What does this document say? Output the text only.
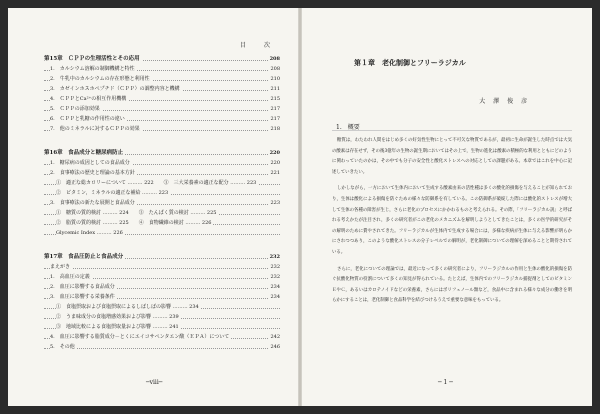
目　　次
第15章　ＣＰＰの生理活性とその応用	208
1.　カルシウム溶解の制御機構と特性	208
2.　牛乳中のカルシウムの存在形態と利用性	210
3.　カゼインホスホペプチド（ＣＰＰ）の調整内容と機構	211
4.　ＣＰＰとCa²⁺の相互作用機構	215
5.　ＣＰＰの添加効果	217
6.　ＣＰＰと乳糖の作用性の違い	217
7.　他のミネラルに対するＣＰＰの効果	218
第16章　食品成分と糖尿病防止	220
1.　糖尿病の成因としての食品成分	220
2.　食事療法の歴史と理論の基本方針	221
①　適正な総カロリーについて ……… 222　　③　三大栄養素の適正な配分 ……… 223
②　ビタミン，ミネラルの適正な補給 ……… 223
3.　食事療法の新たな展開と食品成分	223
①　糖質の質的検討 ……… 224　　③　たんぱく質の検討 ……… 225
②　脂質の質的検討 ……… 225　　④　食物繊維の検討 ……… 226
Glycemic Index ……… 226
第17章　食品圧防止と食品成分	232
まえがき	232
1.　高血圧の定義	232
2.　血圧に影響する食品成分	234
3.　血圧に影響する栄養条件	234
①　食塩摂取および食塩摂取によるしばしばの影響 ……… 234
②　うま味成分の食塩増感効果および影響 ……… 239
③　地域比較による食塩摂取量および影響 ……… 241
4.　血圧に影響する脂質成分－とくにエイコサペンタエン酸（ＥＰＡ）について	242
5.　その他	246
─viii─
第１章　老化制御とフリーラジカル
大 澤 俊 彦
1.　概要

糖質は，わたわれ人間をはじめ多くの好気性生物にとって不可欠な物質であるが，最初に生命が誕生した時点では大気の酸素は存在せず，その後3億年の生物の誕生期においてはその上で，生物の進化は酸素の積極的な利用とともにどのように関わっていたのかは，その中でも分子の安全性と酸化ストレスへの対応としての課題がある。本章ではこれを中心に記述していきたい。

しかしながら，一方において生体内において生成する酸素由来の活性種は多くの酸化的損傷を与えることが知られており，生体は酸化による損傷を防ぐための様々な防御系を有している。この防御系が破綻した際には酸化的ストレスが増大して生体の各種の障害が生じ，さらに老化のプロセスにかかわるものと考えられる。その際，「フリーラジカル説」と呼ばれる考えかたが注目され，多くの研究者がこの老化のメカニズムを解明しようとしてきたことは，多くの医学的研究がその解明のために費やされてきた。フリーラジカルが生体内で生成する場合には，多様な疾病が生体に与える影響が明らかにされつつあり，このような酸化ストレスの分子レベルでの解明が，老化制御についての理解を深めることと期待されている。

さらに，老化についての理論では，最近になって多くの研究者により，フリーラジカルの作用と生体の酸化的損傷を防ぐ抗酸化物質の役割について多くの知見が得られている。たとえば，生体内でのフリーラジカル捕捉剤としてのビタミンＥやＣ，あるいはカロテノイドなどの栄養素，さらにはポリフェノール類など，食品中に含まれる様々な成分の働きを明らかにすることは，老化制御と食品科学を結びつけるうえで重要な意味をもっている。

─ 1 ─
